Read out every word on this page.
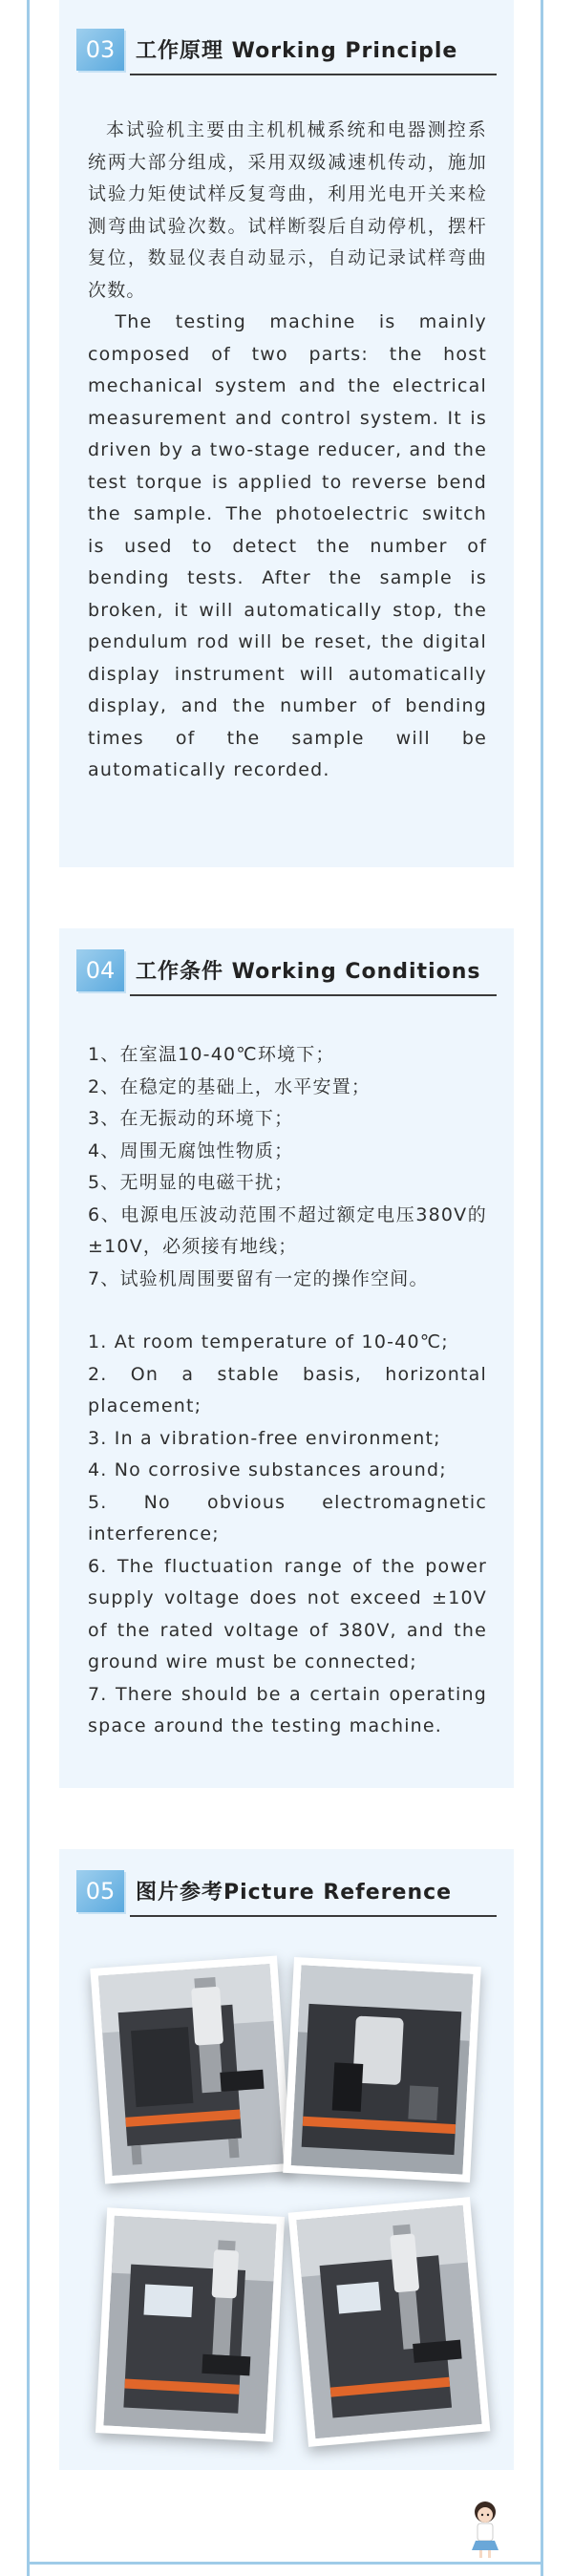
03 工作原理 Working Principle

本试验机主要由主机机械系统和电器测控系统两大部分组成，采用双级减速机传动，施加试验力矩使试样反复弯曲，利用光电开关来检测弯曲试验次数。试样断裂后自动停机，摆杆复位，数显仪表自动显示，自动记录试样弯曲次数。

The testing machine is mainly composed of two parts: the host mechanical system and the electrical measurement and control system. It is driven by a two-stage reducer, and the test torque is applied to reverse bend the sample. The photoelectric switch is used to detect the number of bending tests. After the sample is broken, it will automatically stop, the pendulum rod will be reset, the digital display instrument will automatically display, and the number of bending times of the sample will be automatically recorded.

04 工作条件 Working Conditions
1、在室温10-40℃环境下；
2、在稳定的基础上，水平安置；
3、在无振动的环境下；
4、周围无腐蚀性物质；
5、无明显的电磁干扰；
6、电源电压波动范围不超过额定电压380V的±10V，必须接有地线；
7、试验机周围要留有一定的操作空间。
1. At room temperature of 10-40℃;
2. On a stable basis, horizontal placement;
3. In a vibration-free environment;
4. No corrosive substances around;
5. No obvious electromagnetic interference;
6. The fluctuation range of the power supply voltage does not exceed ±10V of the rated voltage of 380V, and the ground wire must be connected;
7. There should be a certain operating space around the testing machine.
05 图片参考Picture Reference
